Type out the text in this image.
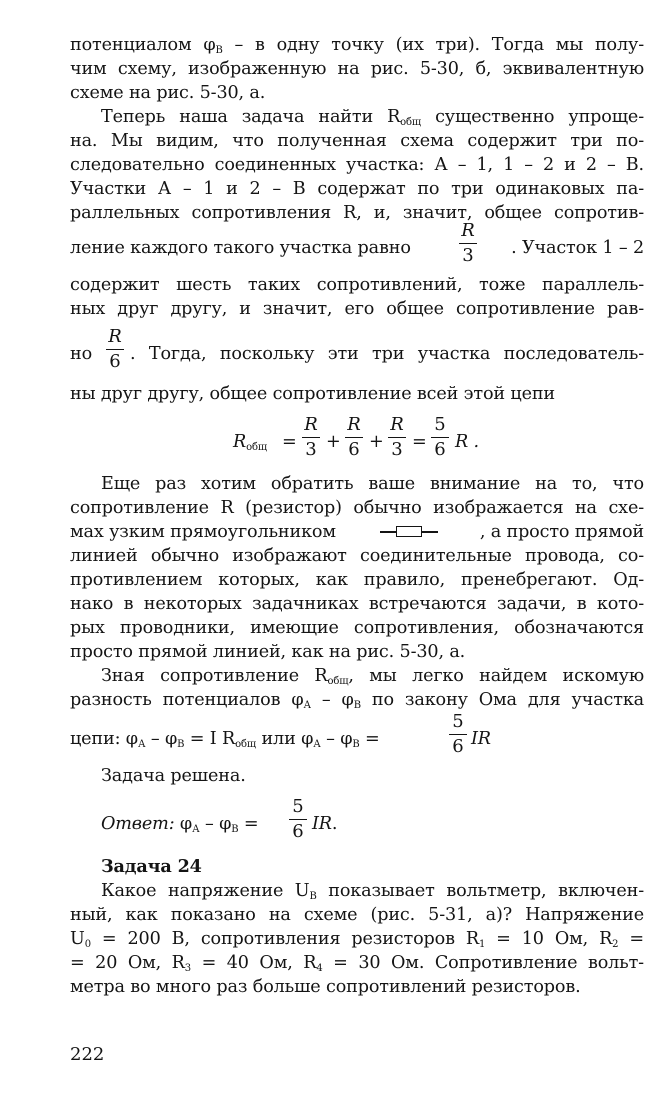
потенциалом $\varphi_В$ – в одну точку (их три). Тогда мы полу-
чим схему, изображенную на рис. 5-30, б, эквивалентную
схеме на рис. 5-30, а.
Теперь наша задача найти $R_{общ}$ существенно упроще-
на. Мы видим, что полученная схема содержит три по-
следовательно соединенных участка: А – 1, 1 – 2 и 2 – В.
Участки А – 1 и 2 – В содержат по три одинаковых па-
раллельных сопротивления R, и, значит, общее сопротив-
ление каждого такого участка равно
R
3	. Участок 1 – 2
содержит шесть таких сопротивлений, тоже параллель-
ных друг другу, и значит, его общее сопротивление рав-
но
R
6 . Тогда, поскольку эти три участка последователь-
ны друг другу, общее сопротивление всей этой цепи
$R_{общ}$ =
R
3 +
R
6 +
R
3 =
5
6 R .
Еще раз хотим обратить ваше внимание на то, что
сопротивление R (резистор) обычно изображается на схе-
мах узким прямоугольником	, а просто прямой
линией обычно изображают соединительные провода, со-
противлением которых, как правило, пренебрегают. Од-
нако в некоторых задачниках встречаются задачи, в кото-
рых проводники, имеющие сопротивления, обозначаются
просто прямой линией, как на рис. 5-30, а.
Зная сопротивление $R_{общ}$, мы легко найдем искомую
разность потенциалов $\varphi_А - \varphi_В$ по закону Ома для участка
цепи: $\varphi_А - \varphi_В = I$ $R_{общ}$ или $\varphi_А - \varphi_В$ =
5
6 IR
Задача решена.
Ответ: $\varphi_А - \varphi_В$ =
5
6 IR.
Задача 24
Какое напряжение $U_В$ показывает вольтметр, включен-
ный, как показано на схеме (рис. 5-31, а)? Напряжение
$U_0 = 200$ В, сопротивления резисторов $R_1 = 10$ Ом, $R_2$ =
= 20 Ом, $R_3 = 40$ Ом, $R_4 = 30$ Ом. Сопротивление вольт-
метра во много раз больше сопротивлений резисторов.
222
